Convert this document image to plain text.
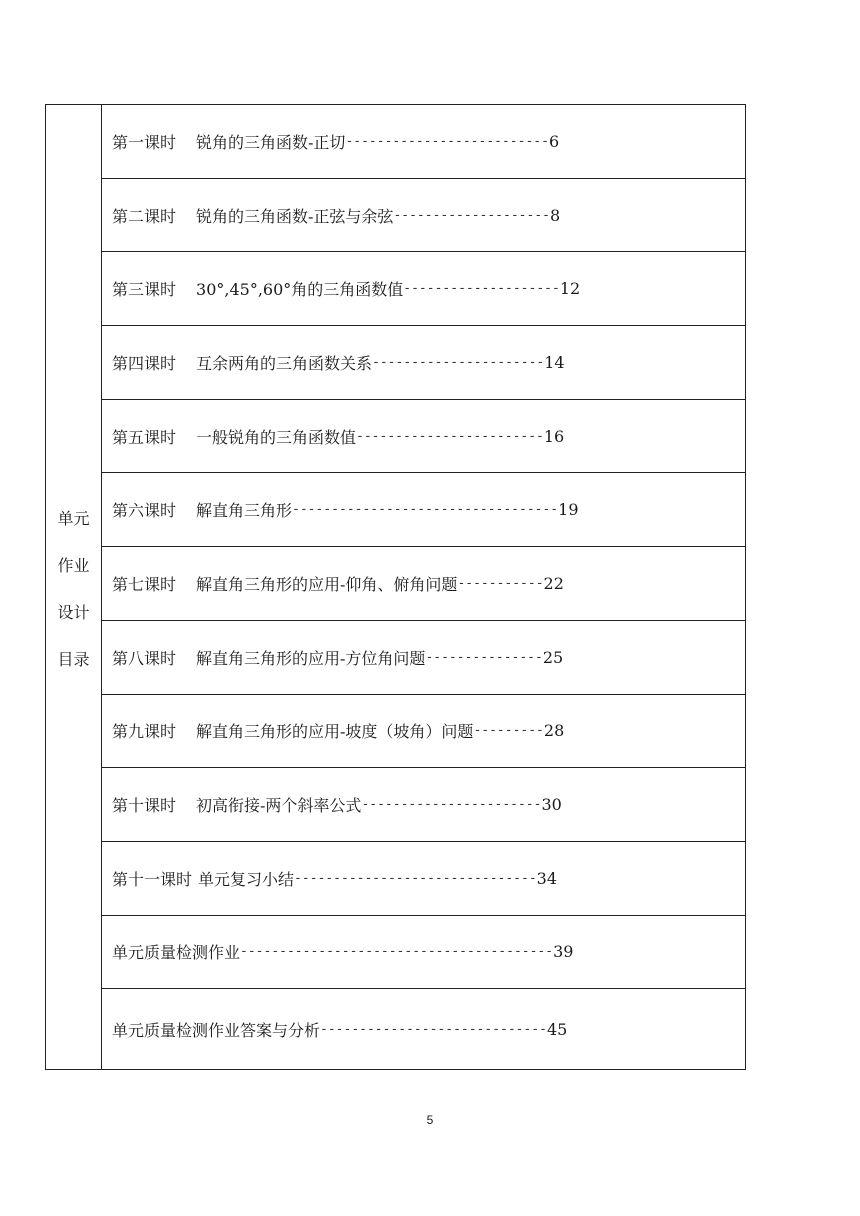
单元作业设计目录
第一课时 锐角的三角函数-正切 -------------------------- 6
第二课时 锐角的三角函数-正弦与余弦 -------------------- 8
第三课时 30°,45°,60°角的三角函数值 -------------------- 12
第四课时 互余两角的三角函数关系 ---------------------- 14
第五课时 一般锐角的三角函数值 ------------------------ 16
第六课时 解直角三角形 ---------------------------------- 19
第七课时 解直角三角形的应用-仰角、俯角问题 ----------- 22
第八课时 解直角三角形的应用-方位角问题 --------------- 25
第九课时 解直角三角形的应用-坡度（坡角）问题 --------- 28
第十课时 初高衔接-两个斜率公式 ----------------------- 30
第十一课时 单元复习小结 ------------------------------- 34
单元质量检测作业 ---------------------------------------- 39
单元质量检测作业答案与分析 ----------------------------- 45
5
